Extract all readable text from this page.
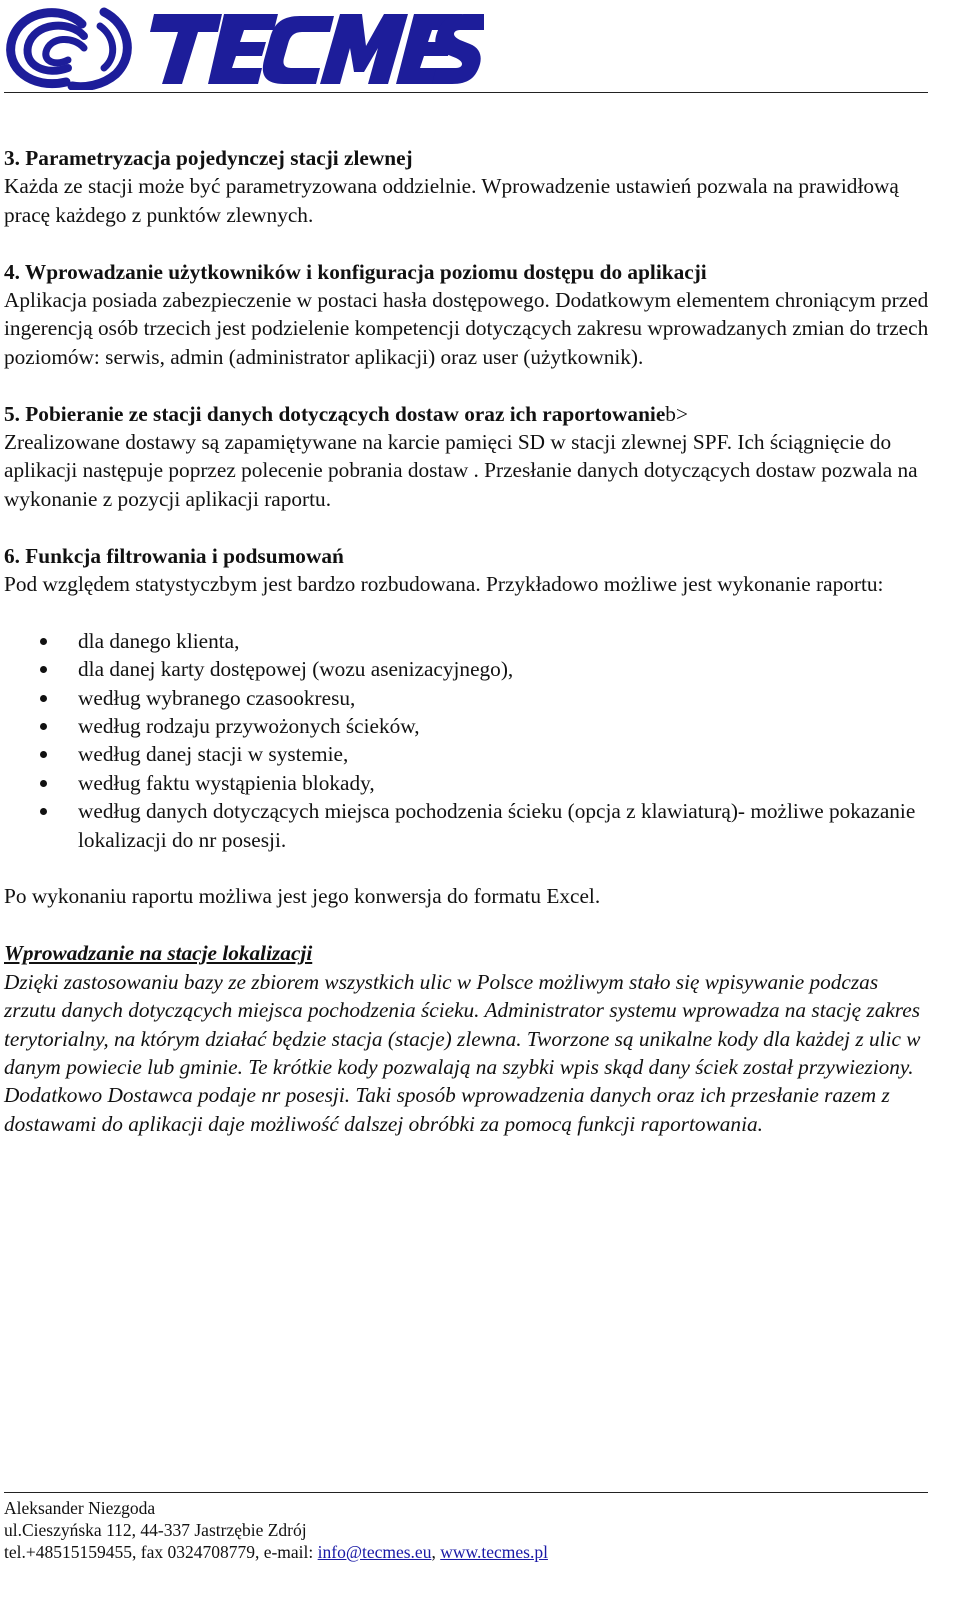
3. Parametryzacja pojedynczej stacji zlewnej
Każda ze stacji może być parametryzowana oddzielnie. Wprowadzenie ustawień pozwala na prawidłową pracę każdego z punktów zlewnych.
4. Wprowadzanie użytkowników i konfiguracja poziomu dostępu do aplikacji
Aplikacja posiada zabezpieczenie w postaci hasła dostępowego. Dodatkowym elementem chroniącym przed ingerencją osób trzecich jest podzielenie kompetencji dotyczących zakresu wprowadzanych zmian do trzech poziomów: serwis, admin (administrator aplikacji) oraz user (użytkownik).
5. Pobieranie ze stacji danych dotyczących dostaw oraz ich raportowanieb>
Zrealizowane dostawy są zapamiętywane na karcie pamięci SD w stacji zlewnej SPF. Ich ściągnięcie do aplikacji następuje poprzez polecenie pobrania dostaw . Przesłanie danych dotyczących dostaw pozwala na wykonanie z pozycji aplikacji raportu.
6. Funkcja filtrowania i podsumowań
Pod względem statystyczbym jest bardzo rozbudowana. Przykładowo możliwe jest wykonanie raportu:
dla danego klienta,
dla danej karty dostępowej (wozu asenizacyjnego),
według wybranego czasookresu,
według rodzaju przywożonych ścieków,
według danej stacji w systemie,
według faktu wystąpienia blokady,
według danych dotyczących miejsca pochodzenia ścieku (opcja z klawiaturą)- możliwe pokazanie lokalizacji do nr posesji.
Po wykonaniu raportu możliwa jest jego konwersja do formatu Excel.
Wprowadzanie na stacje lokalizacji
Dzięki zastosowaniu bazy ze zbiorem wszystkich ulic w Polsce możliwym stało się wpisywanie podczas zrzutu danych dotyczących miejsca pochodzenia ścieku. Administrator systemu wprowadza na stację zakres terytorialny, na którym działać będzie stacja (stacje) zlewna. Tworzone są unikalne kody dla każdej z ulic w danym powiecie lub gminie. Te krótkie kody pozwalają na szybki wpis skąd dany ściek został przywieziony. Dodatkowo Dostawca podaje nr posesji. Taki sposób wprowadzenia danych oraz ich przesłanie razem z dostawami do aplikacji daje możliwość dalszej obróbki za pomocą funkcji raportowania.
Aleksander Niezgoda
ul.Cieszyńska 112, 44-337 Jastrzębie Zdrój
tel.+48515159455, fax 0324708779, e-mail: info@tecmes.eu, www.tecmes.pl
